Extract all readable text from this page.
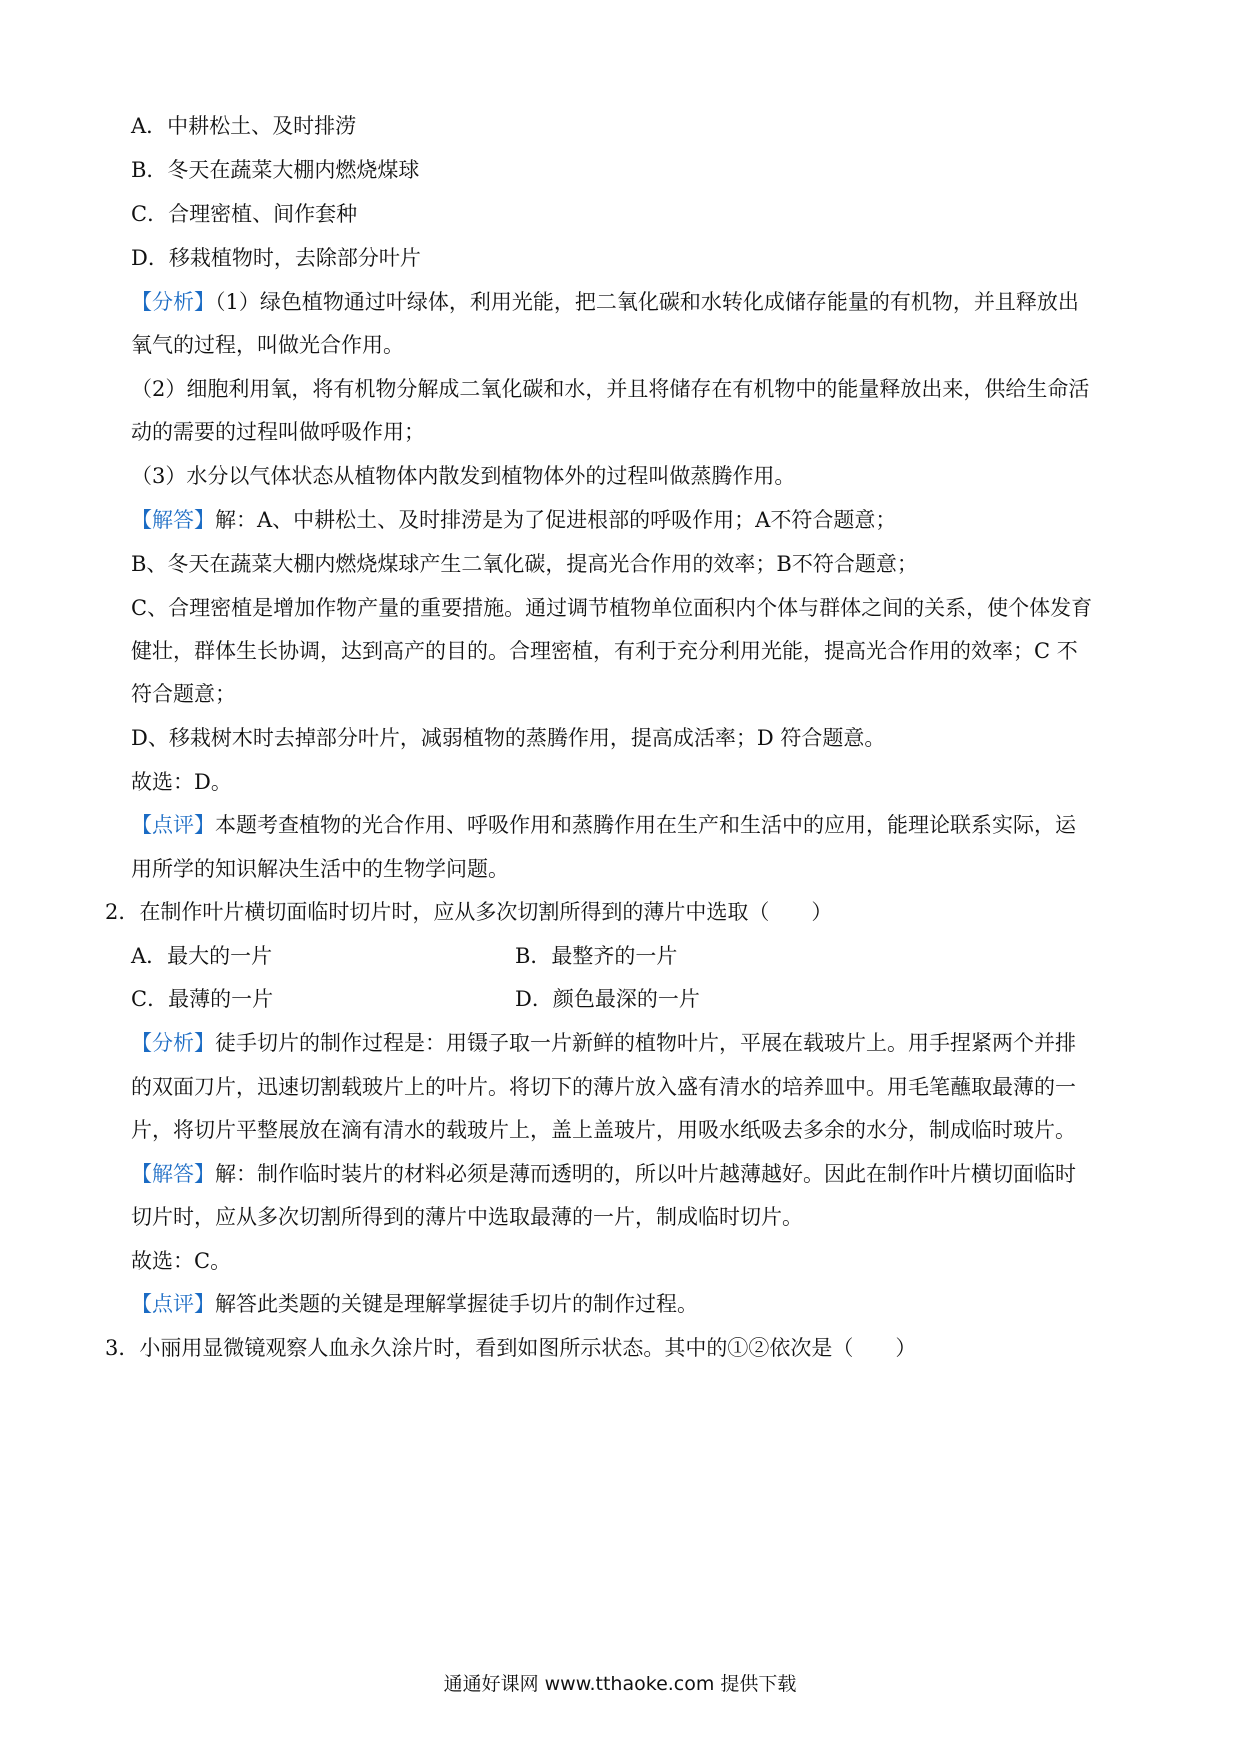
A．中耕松土、及时排涝
B．冬天在蔬菜大棚内燃烧煤球
C．合理密植、间作套种
D．移栽植物时，去除部分叶片
【分析】（1）绿色植物通过叶绿体，利用光能，把二氧化碳和水转化成储存能量的有机物，并且释放出
氧气的过程，叫做光合作用。
（2）细胞利用氧，将有机物分解成二氧化碳和水，并且将储存在有机物中的能量释放出来，供给生命活
动的需要的过程叫做呼吸作用；
（3）水分以气体状态从植物体内散发到植物体外的过程叫做蒸腾作用。
【解答】解：A、中耕松土、及时排涝是为了促进根部的呼吸作用；A不符合题意；
B、冬天在蔬菜大棚内燃烧煤球产生二氧化碳，提高光合作用的效率；B不符合题意；
C、合理密植是增加作物产量的重要措施。通过调节植物单位面积内个体与群体之间的关系，使个体发育
健壮，群体生长协调，达到高产的目的。合理密植，有利于充分利用光能，提高光合作用的效率；C 不
符合题意；
D、移栽树木时去掉部分叶片，减弱植物的蒸腾作用，提高成活率；D 符合题意。
故选：D。
【点评】本题考查植物的光合作用、呼吸作用和蒸腾作用在生产和生活中的应用，能理论联系实际，运
用所学的知识解决生活中的生物学问题。
2．在制作叶片横切面临时切片时，应从多次切割所得到的薄片中选取（　　）
A．最大的一片	B．最整齐的一片
C．最薄的一片	D．颜色最深的一片
【分析】徒手切片的制作过程是：用镊子取一片新鲜的植物叶片，平展在载玻片上。用手捏紧两个并排
的双面刀片，迅速切割载玻片上的叶片。将切下的薄片放入盛有清水的培养皿中。用毛笔蘸取最薄的一
片，将切片平整展放在滴有清水的载玻片上，盖上盖玻片，用吸水纸吸去多余的水分，制成临时玻片。
【解答】解：制作临时装片的材料必须是薄而透明的，所以叶片越薄越好。因此在制作叶片横切面临时
切片时，应从多次切割所得到的薄片中选取最薄的一片，制成临时切片。
故选：C。
【点评】解答此类题的关键是理解掌握徒手切片的制作过程。
3．小丽用显微镜观察人血永久涂片时，看到如图所示状态。其中的①②依次是（　　）
通通好课网 www.tthaoke.com 提供下载
